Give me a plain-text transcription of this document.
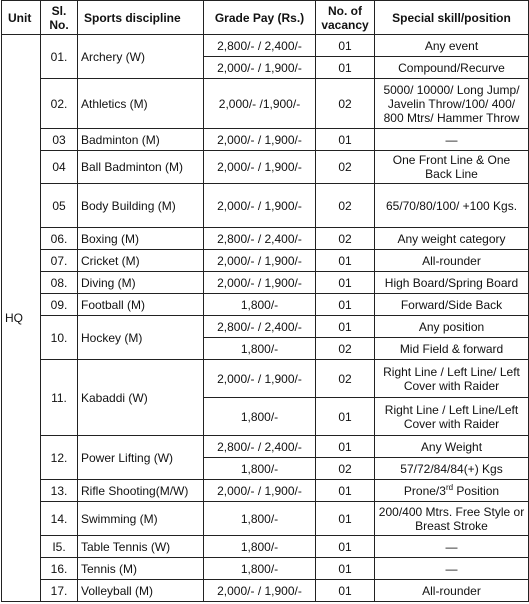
Unit	Sl. No.	Sports discipline	Grade Pay (Rs.)	No. of vacancy	Special skill/position
HQ	01.	Archery (W)	2,800/- / 2,400/-	01	Any event
			2,000/- / 1,900/-	01	Compound/Recurve
	02.	Athletics (M)	2,000/- /1,900/-	02	5000/ 10000/ Long Jump/ Javelin Throw/100/ 400/ 800 Mtrs/ Hammer Throw
	03	Badminton (M)	2,000/- / 1,900/-	01	—
	04	Ball Badminton (M)	2,000/- / 1,900/-	02	One Front Line & One Back Line
	05	Body Building (M)	2,000/- / 1,900/-	02	65/70/80/100/ +100 Kgs.
	06.	Boxing (M)	2,800/- / 2,400/-	02	Any weight category
	07.	Cricket (M)	2,000/- / 1,900/-	01	All-rounder
	08.	Diving (M)	2,000/- / 1,900/-	01	High Board/Spring Board
	09.	Football (M)	1,800/-	01	Forward/Side Back
	10.	Hockey (M)	2,800/- / 2,400/-	01	Any position
			1,800/-	02	Mid Field & forward
	11.	Kabaddi (W)	2,000/- / 1,900/-	02	Right Line / Left Line/ Left Cover with Raider
			1,800/-	01	Right Line / Left Line/Left Cover with Raider
	12.	Power Lifting (W)	2,800/- / 2,400/-	01	Any Weight
			1,800/-	02	57/72/84/84(+) Kgs
	13.	Rifle Shooting(M/W)	2,000/- / 1,900/-	01	Prone/3rd Position
	14.	Swimming (M)	1,800/-	01	200/400 Mtrs. Free Style or Breast Stroke
	I5.	Table Tennis (W)	1,800/-	01	—
	16.	Tennis (M)	1,800/-	01	—
	17.	Volleyball (M)	2,000/- / 1,900/-	01	All-rounder
